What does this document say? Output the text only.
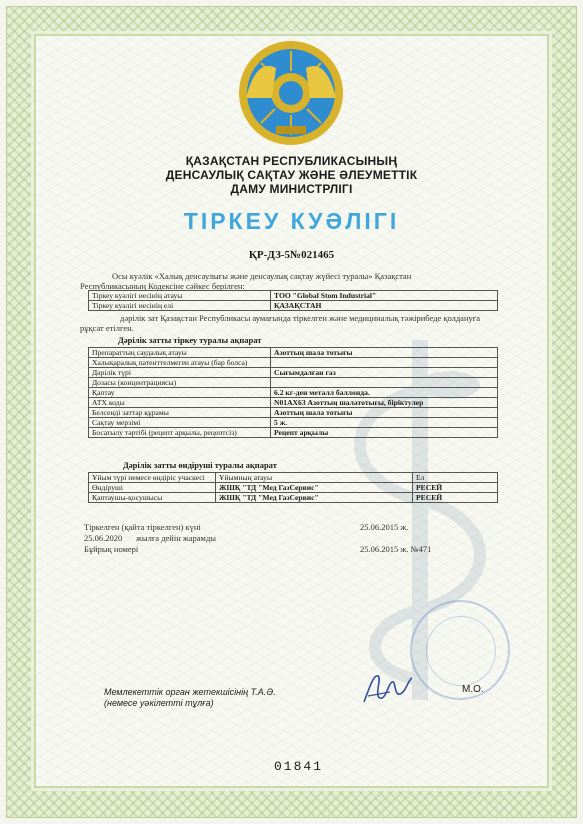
ҚАЗАҚСТАН РЕСПУБЛИКАСЫНЫҢ
ДЕНСАУЛЫҚ САҚТАУ ЖӘНЕ ӘЛЕУМЕТТІК
ДАМУ МИНИСТРЛІГІ
ТІРКЕУ КУӘЛІГІ
ҚР-ДЗ-5№021465
Осы куәлік «Халық денсаулығы және денсаулық сақтау жүйесі туралы» Қазақстан
Республикасының Кодексіне сәйкес берілген:
Тіркеу куәлігі иесінің атауы	ТОО "Global Stom Industrial"
Тіркеу куәлігі иесінің елі	ҚАЗАҚСТАН
дәрілік зат Қазақстан Республикасы аумағында тіркелген және медициналық тәжірибеде қолдануға
рұқсат етілген.
Дәрілік затты тіркеу туралы ақпарат
Препараттың саудалық атауы	Азоттың шала тотығы
Халықаралық патенттелмеген атауы (бар болса)	
Дәрілік түрі	Сығымдалған газ
Дозасы (концентрациясы)	
Қаптау	6.2 кг-ден металл баллонда.
АТХ коды	N01AX63 Азоттың шалатотығы, біріктулер
Белсенді заттар құрамы	Азоттың шала тотығы
Сақтау мерзімі	5 ж.
Босатылу тәртібі (рецепт арқылы, рецептсіз)	Рецепт арқылы
Дәрілік затты өндіруші туралы ақпарат
Ұйым түрі немесе өндіріс учаскесі	Ұйымның атауы	Ел
Өндіруші	ЖШҚ "ТД "Мед ГазСервис"	РЕСЕЙ
Қаптаушы-қосушысы	ЖШҚ "ТД "Мед ГазСервис"	РЕСЕЙ
Тіркелген (қайта тіркелген) күні	25.06.2015 ж.
25.06.2020 жылға дейін жарамды
Бұйрық номері	25.06.2015 ж. №471
Мемлекеттік орган жетекшісінің Т.А.Ә.
(немесе уәкілетті тұлға)
М.О.
01841
